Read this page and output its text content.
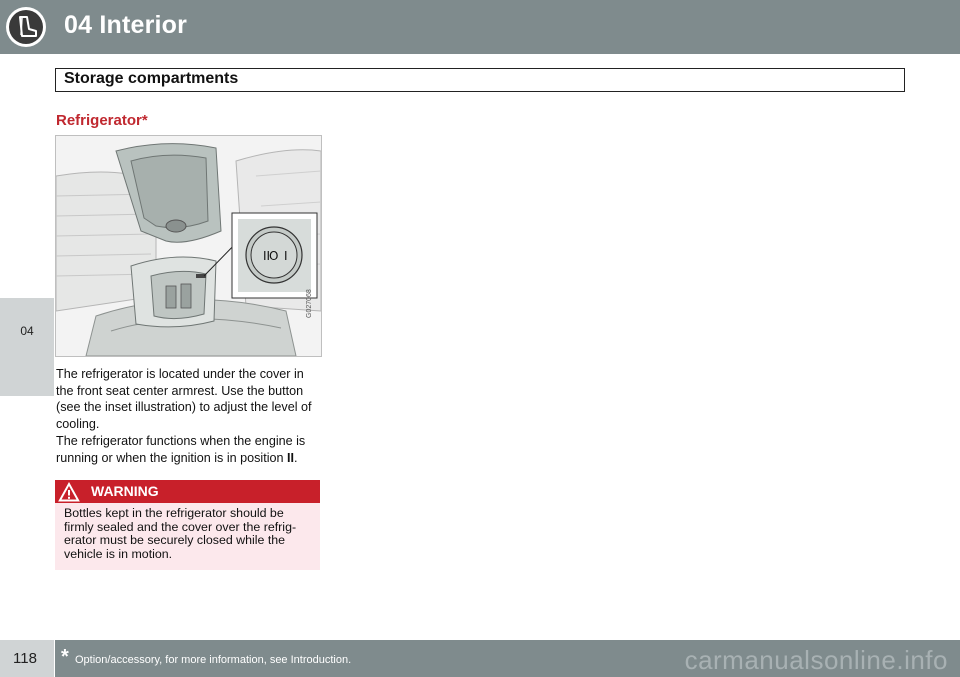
04 Interior
04
Storage compartments
Refrigerator*
II
O I
G027068
The refrigerator is located under the cover in the front seat center armrest. Use the button (see the inset illustration) to adjust the level of cooling.
The refrigerator functions when the engine is running or when the ignition is in position II.
WARNING
Bottles kept in the refrigerator should be firmly sealed and the cover over the refrig-erator must be securely closed while the vehicle is in motion.
118 * Option/accessory, for more information, see Introduction.	carmanualsonline.info
